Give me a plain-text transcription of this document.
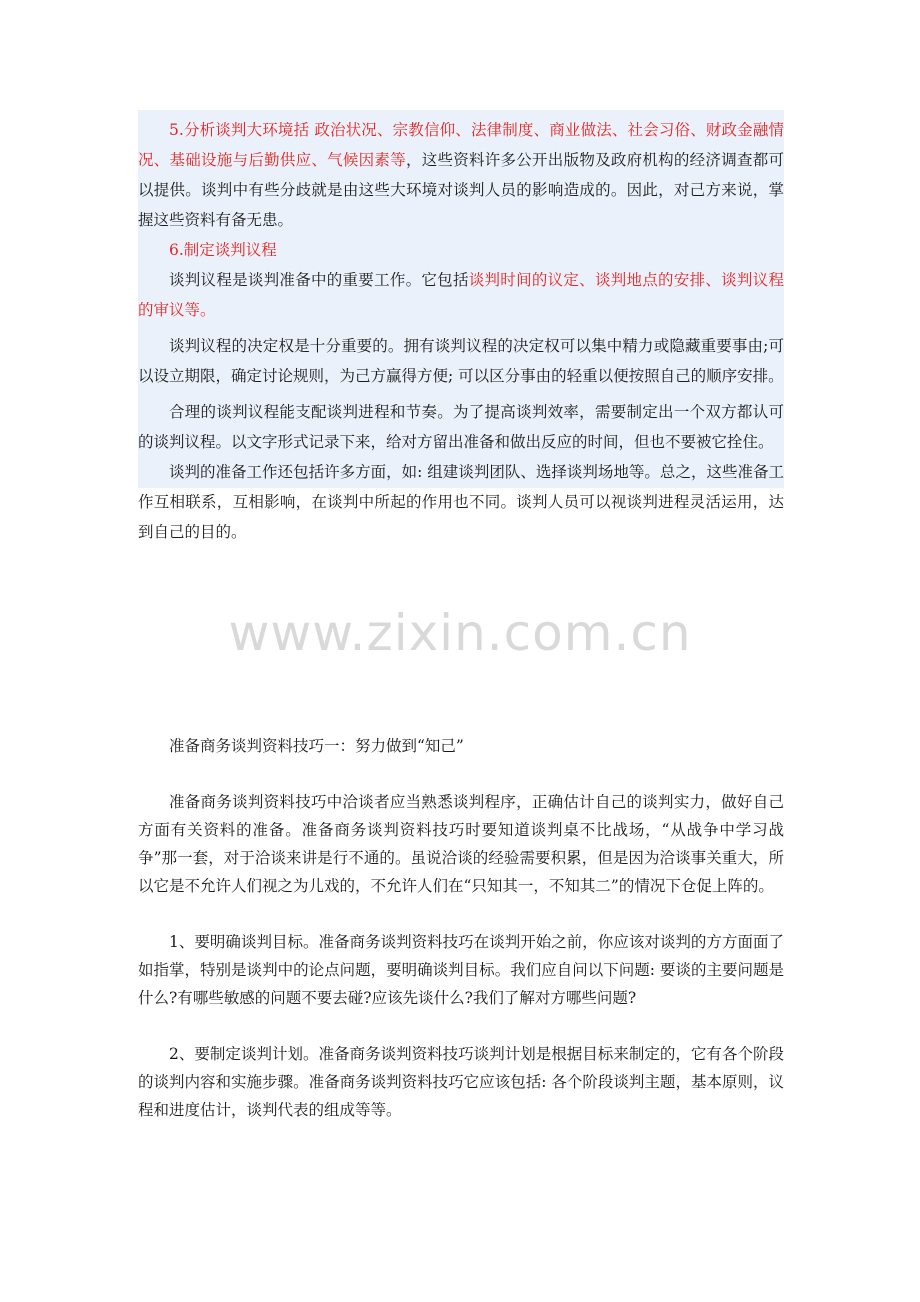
5.分析谈判大环境括 政治状况、宗教信仰、法律制度、商业做法、社会习俗、财政金融情况、基础设施与后勤供应、气候因素等，这些资料许多公开出版物及政府机构的经济调查都可以提供。谈判中有些分歧就是由这些大环境对谈判人员的影响造成的。因此，对己方来说，掌握这些资料有备无患。

6.制定谈判议程

谈判议程是谈判准备中的重要工作。它包括谈判时间的议定、谈判地点的安排、谈判议程的审议等。

谈判议程的决定权是十分重要的。拥有谈判议程的决定权可以集中精力或隐藏重要事由;可以设立期限，确定讨论规则，为己方赢得方便; 可以区分事由的轻重以便按照自己的顺序安排。

合理的谈判议程能支配谈判进程和节奏。为了提高谈判效率，需要制定出一个双方都认可的谈判议程。以文字形式记录下来，给对方留出准备和做出反应的时间，但也不要被它拴住。

谈判的准备工作还包括许多方面，如: 组建谈判团队、选择谈判场地等。总之，这些准备工作互相联系，互相影响，在谈判中所起的作用也不同。谈判人员可以视谈判进程灵活运用，达到自己的目的。

www.zixin.com.cn

准备商务谈判资料技巧一：努力做到“知己”

准备商务谈判资料技巧中洽谈者应当熟悉谈判程序，正确估计自己的谈判实力，做好自己方面有关资料的准备。准备商务谈判资料技巧时要知道谈判桌不比战场，“从战争中学习战争”那一套，对于洽谈来讲是行不通的。虽说洽谈的经验需要积累，但是因为洽谈事关重大，所以它是不允许人们视之为儿戏的，不允许人们在“只知其一，不知其二”的情况下仓促上阵的。

1、要明确谈判目标。准备商务谈判资料技巧在谈判开始之前，你应该对谈判的方方面面了如指掌，特别是谈判中的论点问题，要明确谈判目标。我们应自问以下问题: 要谈的主要问题是什么?有哪些敏感的问题不要去碰?应该先谈什么?我们了解对方哪些问题?

2、要制定谈判计划。准备商务谈判资料技巧谈判计划是根据目标来制定的，它有各个阶段的谈判内容和实施步骤。准备商务谈判资料技巧它应该包括: 各个阶段谈判主题，基本原则，议程和进度估计，谈判代表的组成等等。
